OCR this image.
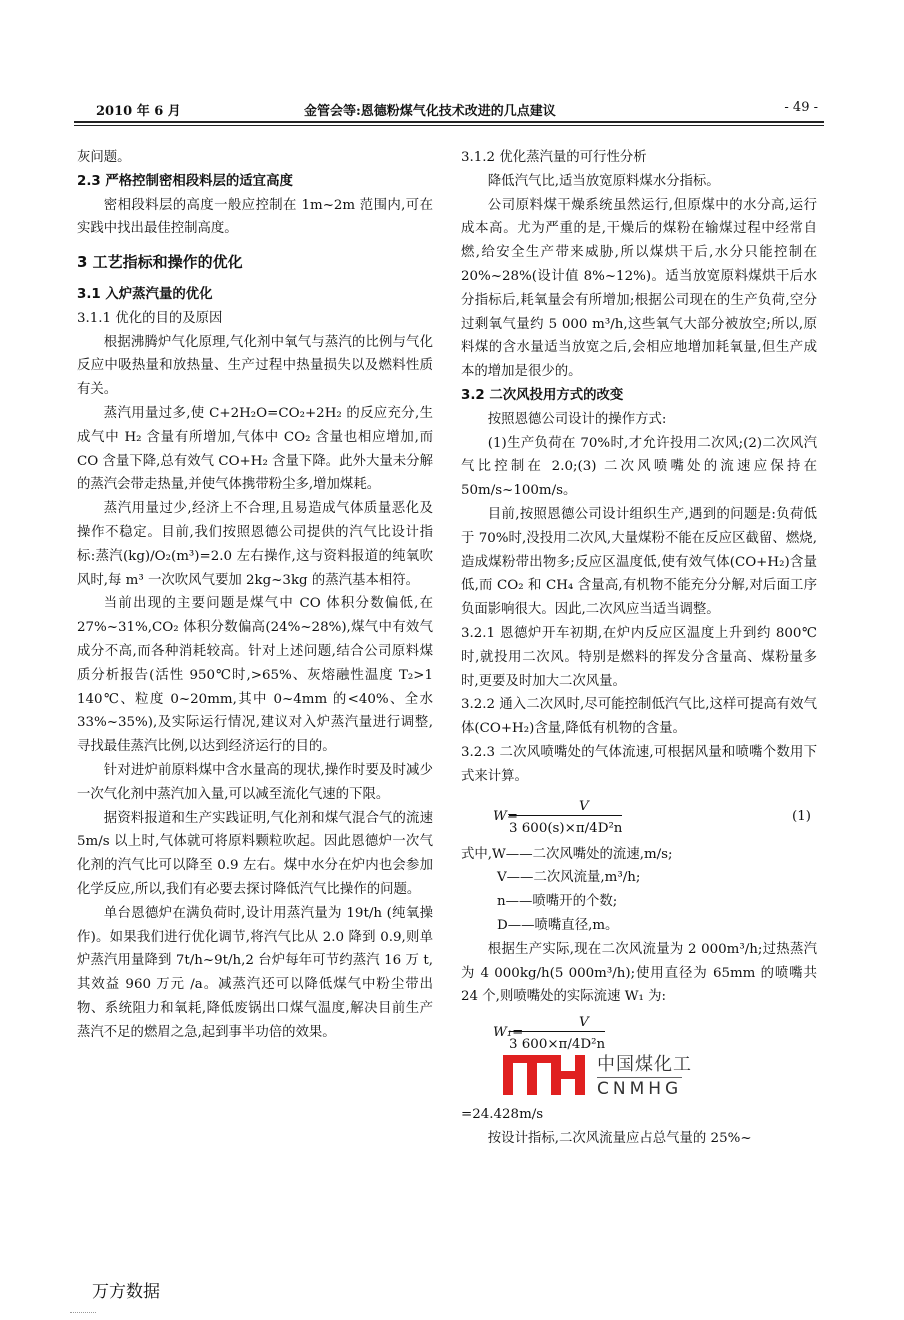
2010 年 6 月	金管会等:恩德粉煤气化技术改进的几点建议	- 49 -

灰问题。

2.3 严格控制密相段料层的适宜高度

密相段料层的高度一般应控制在 1m~2m 范围内,可在实践中找出最佳控制高度。

3 工艺指标和操作的优化

3.1 入炉蒸汽量的优化

3.1.1 优化的目的及原因

根据沸腾炉气化原理,气化剂中氧气与蒸汽的比例与气化反应中吸热量和放热量、生产过程中热量损失以及燃料性质有关。

蒸汽用量过多,使 C+2H₂O=CO₂+2H₂ 的反应充分,生成气中 H₂ 含量有所增加,气体中 CO₂ 含量也相应增加,而 CO 含量下降,总有效气 CO+H₂ 含量下降。此外大量未分解的蒸汽会带走热量,并使气体携带粉尘多,增加煤耗。

蒸汽用量过少,经济上不合理,且易造成气体质量恶化及操作不稳定。目前,我们按照恩德公司提供的汽气比设计指标:蒸汽(kg)/O₂(m³)=2.0 左右操作,这与资料报道的纯氧吹风时,每 m³ 一次吹风气要加 2kg~3kg 的蒸汽基本相符。

当前出现的主要问题是煤气中 CO 体积分数偏低,在 27%~31%,CO₂ 体积分数偏高(24%~28%),煤气中有效气成分不高,而各种消耗较高。针对上述问题,结合公司原料煤质分析报告(活性 950℃时,>65%、灰熔融性温度 T₂>1 140℃、粒度 0~20mm,其中 0~4mm 的<40%、全水 33%~35%),及实际运行情况,建议对入炉蒸汽量进行调整,寻找最佳蒸汽比例,以达到经济运行的目的。

针对进炉前原料煤中含水量高的现状,操作时要及时减少一次气化剂中蒸汽加入量,可以减至流化气速的下限。

据资料报道和生产实践证明,气化剂和煤气混合气的流速 5m/s 以上时,气体就可将原料颗粒吹起。因此恩德炉一次气化剂的汽气比可以降至 0.9 左右。煤中水分在炉内也会参加化学反应,所以,我们有必要去探讨降低汽气比操作的问题。

单台恩德炉在满负荷时,设计用蒸汽量为 19t/h (纯氧操作)。如果我们进行优化调节,将汽气比从 2.0 降到 0.9,则单炉蒸汽用量降到 7t/h~9t/h,2 台炉每年可节约蒸汽 16 万 t,其效益 960 万元 /a。减蒸汽还可以降低煤气中粉尘带出物、系统阻力和氧耗,降低废锅出口煤气温度,解决目前生产蒸汽不足的燃眉之急,起到事半功倍的效果。

3.1.2 优化蒸汽量的可行性分析

降低汽气比,适当放宽原料煤水分指标。

公司原料煤干燥系统虽然运行,但原煤中的水分高,运行成本高。尤为严重的是,干燥后的煤粉在输煤过程中经常自燃,给安全生产带来威胁,所以煤烘干后,水分只能控制在 20%~28%(设计值 8%~12%)。适当放宽原料煤烘干后水分指标后,耗氧量会有所增加;根据公司现在的生产负荷,空分过剩氧气量约 5 000 m³/h,这些氧气大部分被放空;所以,原料煤的含水量适当放宽之后,会相应地增加耗氧量,但生产成本的增加是很少的。

3.2 二次风投用方式的改变

按照恩德公司设计的操作方式:

(1)生产负荷在 70%时,才允许投用二次风;(2)二次风汽气比控制在 2.0;(3) 二次风喷嘴处的流速应保持在 50m/s~100m/s。

目前,按照恩德公司设计组织生产,遇到的问题是:负荷低于 70%时,没投用二次风,大量煤粉不能在反应区截留、燃烧,造成煤粉带出物多;反应区温度低,使有效气体(CO+H₂)含量低,而 CO₂ 和 CH₄ 含量高,有机物不能充分分解,对后面工序负面影响很大。因此,二次风应当适当调整。

3.2.1 恩德炉开车初期,在炉内反应区温度上升到约 800℃时,就投用二次风。特别是燃料的挥发分含量高、煤粉量多时,更要及时加大二次风量。

3.2.2 通入二次风时,尽可能控制低汽气比,这样可提高有效气体(CO+H₂)含量,降低有机物的含量。

3.2.3 二次风喷嘴处的气体流速,可根据风量和喷嘴个数用下式来计算。

W=
V
3 600(s)×π/4D²n
(1)

式中,W——二次风嘴处的流速,m/s;

V——二次风流量,m³/h;
n——喷嘴开的个数;
D——喷嘴直径,m。

根据生产实际,现在二次风流量为 2 000m³/h;过热蒸汽为 4 000kg/h(5 000m³/h);使用直径为 65mm 的喷嘴共 24 个,则喷嘴处的实际流速 W₁ 为:

W₁=
V
3 600×π/4D²n
中国煤化工
CNMHG

=24.428m/s

按设计指标,二次风流量应占总气量的 25%~

万方数据
